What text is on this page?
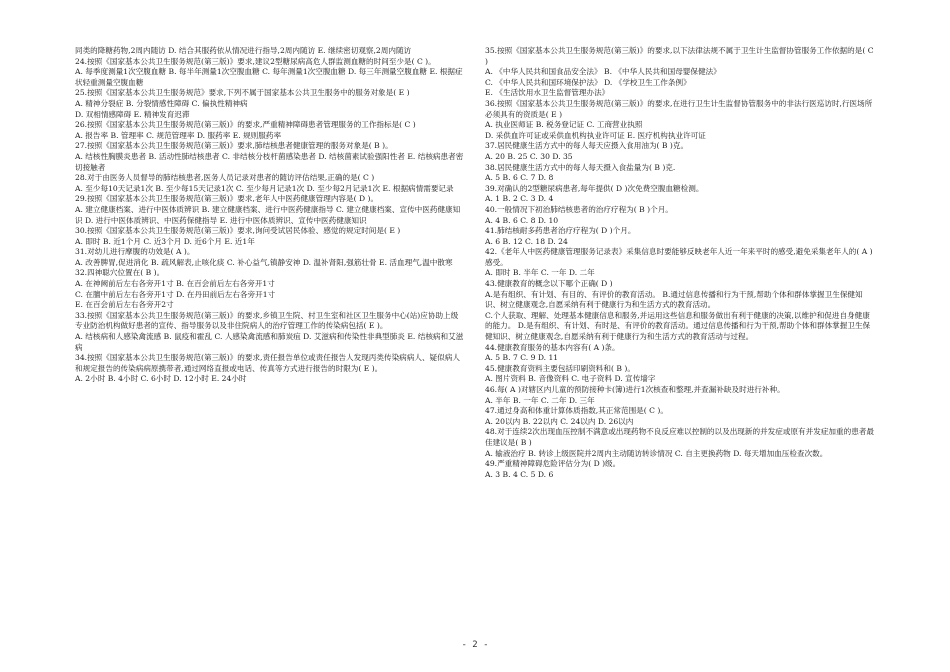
同类的降糖药物,2周内随访 D. 结合其服药依从情况进行指导,2周内随访 E. 继续密切观察,2周内随访
24.按照《国家基本公共卫生服务规范(第三版)》要求,建议2型糖尿病高危人群监测血糖的时间至少是( C )。
A. 每季度测量1次空腹血糖 B. 每半年测量1次空腹血糖 C. 每年测量1次空腹血糖 D. 每三年测量空腹血糖 E. 根据症状轻重测量空腹血糖
25.按照《国家基本公共卫生服务规范》要求,下列不属于国家基本公共卫生服务中的服务对象是( E )
A. 精神分裂症 B. 分裂情感性障碍 C. 偏执性精神病
D. 双相情感障碍 E. 精神发育迟滞
26.按照《国家基本公共卫生服务规范(第三版)》的要求,严重精神障碍患者管理服务的工作指标是( C )
A. 报告率 B. 管理率 C. 规范管理率 D. 服药率 E. 规则服药率
27.按照《国家基本公共卫生服务规范(第三版)》要求,肺结核患者健康管理的服务对象是( B )。
A. 结核性胸膜炎患者 B. 活动性肺结核患者 C. 非结核分枝杆菌感染患者 D. 结核菌素试验强阳性者 E. 结核病患者密切接触者
28.对于由医务人员督导的肺结核患者,医务人员记录对患者的随访评估结果,正确的是( C )
A. 至少每10天记录1次 B. 至少每15天记录1次 C. 至少每月记录1次 D. 至少每2月记录1次 E. 根据病情需要记录
29.按照《国家基本公共卫生服务规范(第三版)》要求,老年人中医药健康管理内容是( D )。
A. 建立健康档案、进行中医体质辨识 B. 建立健康档案、进行中医药健康指导 C. 建立健康档案、宣传中医药健康知识 D. 进行中医体质辨识、中医药保健指导 E. 进行中医体质辨识、宣传中医药健康知识
30.按照《国家基本公共卫生服务规范(第三版)》要求,询问受试居民体验、感觉的规定时间是( E )
A. 即时 B. 近1个月 C. 近3个月 D. 近6个月 E. 近1年
31.对幼儿进行摩腹的功效是( A )。
A. 改善脾胃,促进消化 B. 疏风解表,止咳化痰 C. 补心益气,镇静安神 D. 温补肾阳,强筋壮骨 E. 活血理气,温中散寒
32.四神聪穴位置在( B )。
A. 在神阙前后左右各旁开1寸 B. 在百会前后左右各旁开1寸
C. 在膻中前后左右各旁开1寸 D. 在丹田前后左右各旁开1寸
E. 在百会前后左右各旁开2寸
33.按照《国家基本公共卫生服务规范(第三版)》的要求,乡镇卫生院、村卫生室和社区卫生服务中心(站)应协助上级专业防治机构做好患者的宣传、指导服务以及非住院病人的治疗管理工作的传染病包括( E )。
A. 结核病和人感染禽流感 B. 鼠疫和霍乱 C. 人感染禽流感和肺炭疽 D. 艾滋病和传染性非典型肺炎 E. 结核病和艾滋病
34.按照《国家基本公共卫生服务规范(第三版)》的要求,责任报告单位或责任报告人发现丙类传染病病人、疑似病人和规定报告的传染病病原携带者,通过网络直报或电话、传真等方式进行报告的时限为( E )。
A. 2小时 B. 4小时 C. 6小时 D. 12小时 E. 24小时
35.按照《国家基本公共卫生服务规范(第三版)》的要求,以下法律法规不属于卫生计生监督协管服务工作依据的是( C )
A. 《中华人民共和国食品安全法》 B. 《中华人民共和国母婴保健法》
C. 《中华人民共和国环境保护法》 D. 《学校卫生工作条例》
E. 《生活饮用水卫生监督管理办法》
36.按照《国家基本公共卫生服务规范(第三版)》的要求,在进行卫生计生监督协管服务中的非法行医巡访时,行医场所必须具有的资质是( E )
A. 执业医师证 B. 税务登记证 C. 工商营业执照
D. 采供血许可证或采供血机构执业许可证 E. 医疗机构执业许可证
37.居民健康生活方式中的每人每天应摄入食用油为( B )克。
A. 20 B. 25 C. 30 D. 35
38.居民健康生活方式中的每人每天摄入食盐量为( B )克.
A. 5 B. 6 C. 7 D. 8
39.对确认的2型糖尿病患者,每年提供( D )次免费空腹血糖检测。
A. 1 B. 2 C. 3 D. 4
40.一般情况下初治肺结核患者的治疗疗程为( B )个月。
A. 4 B. 6 C. 8 D. 10
41.肺结核耐多药患者治疗疗程为( D )个月。
A. 6 B. 12 C. 18 D. 24
42.《老年人中医药健康管理服务记录表》采集信息时要能够反映老年人近一年来平时的感受,避免采集老年人的( A )感受。
A. 即时 B. 半年 C. 一年 D. 二年
43.健康教育的概念以下哪个正确( D )
A.是有组织、有计划、有目的、有评价的教育活动。 B.通过信息传播和行为干预,帮助个体和群体掌握卫生保健知识、树立健康观念,自愿采纳有利于健康行为和生活方式的教育活动。
C.个人获取、理解、处理基本健康信息和服务,并运用这些信息和服务做出有利于健康的决策,以维护和促进自身健康的能力。 D.是有组织、有计划、有时是、有评价的教育活动。通过信息传播和行为干预,帮助个体和群体掌握卫生保健知识、树立健康观念,自愿采纳有利于健康行为和生活方式的教育活动与过程。
44.健康教育服务的基本内容有( A )条。
A. 5 B. 7 C. 9 D. 11
45.健康教育资料主要包括印刷资料和( B )。
A. 图片资料 B. 音像资料 C. 电子资料 D. 宣传墙字
46.每( A )对辖区内儿童的预防接种卡(簿)进行1次核查和整理,并查漏补缺及时进行补种。
A. 半年 B. 一年 C. 二年 D. 三年
47.通过身高和体重计算体质指数,其正常范围是( C )。
A. 20以内 B. 22以内 C. 24以内 D. 26以内
48.对于连续2次出现血压控制不满意或出现药物不良反应难以控制的以及出现新的并发症或原有并发症加重的患者最佳建议是( B )
A. 输液治疗 B. 转诊上级医院并2周内主动随访转诊情况 C. 自主更换药物 D. 每天增加血压检查次数。
49.严重精神障碍危险评估分为( D )级。
A. 3 B. 4 C. 5 D. 6
- 2 -
